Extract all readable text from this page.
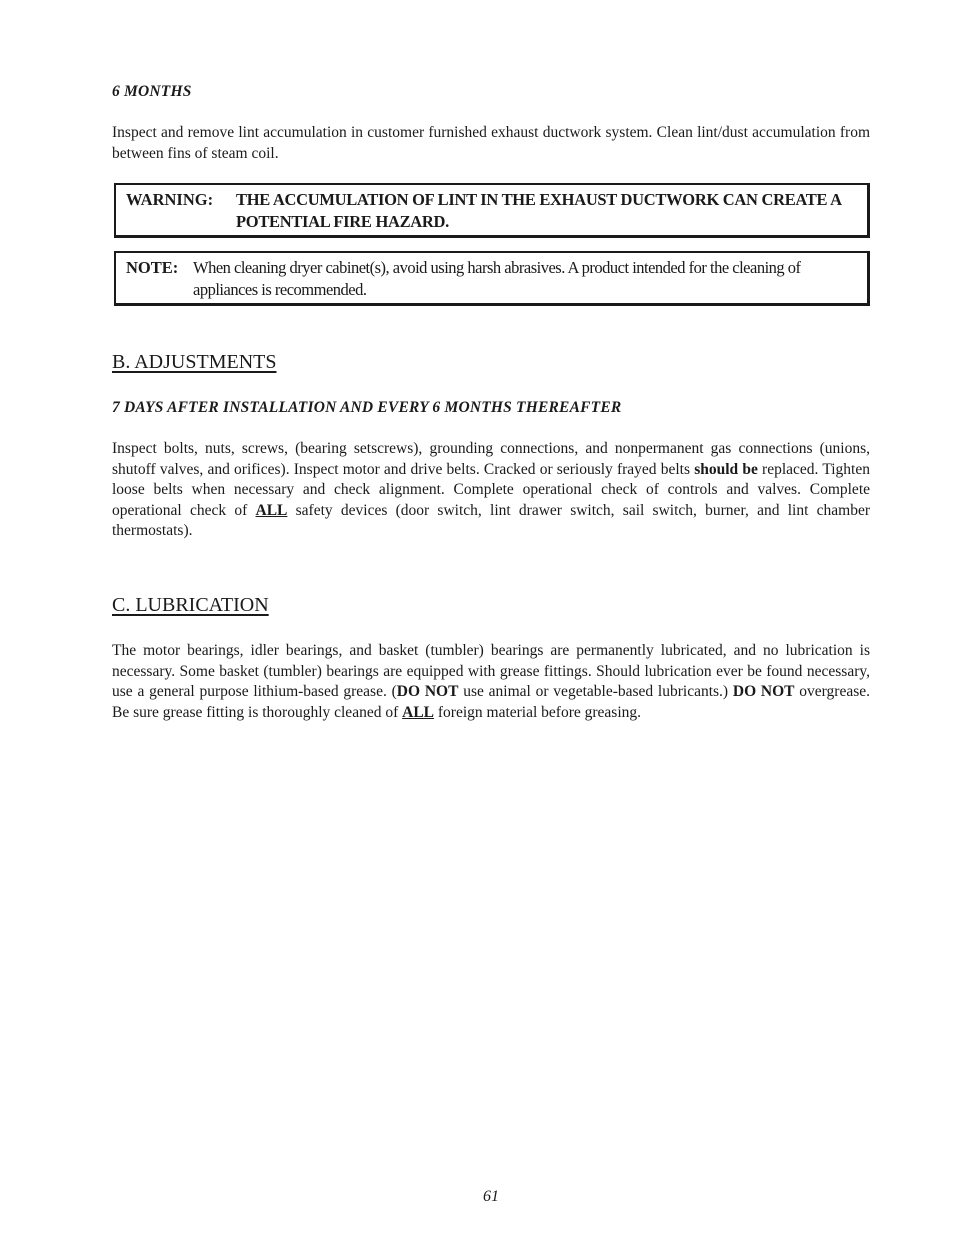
6 MONTHS

Inspect and remove lint accumulation in customer furnished exhaust ductwork system. Clean lint/dust accumulation from between fins of steam coil.

WARNING:	THE ACCUMULATION OF LINT IN THE EXHAUST DUCTWORK CAN CREATE A POTENTIAL FIRE HAZARD.
NOTE: When cleaning dryer cabinet(s), avoid using harsh abrasives. A product intended for the cleaning of appliances is recommended.
B. ADJUSTMENTS

7 DAYS AFTER INSTALLATION AND EVERY 6 MONTHS THEREAFTER

Inspect bolts, nuts, screws, (bearing setscrews), grounding connections, and nonpermanent gas connections (unions, shutoff valves, and orifices). Inspect motor and drive belts. Cracked or seriously frayed belts should be replaced. Tighten loose belts when necessary and check alignment. Complete operational check of controls and valves. Complete operational check of ALL safety devices (door switch, lint drawer switch, sail switch, burner, and lint chamber thermostats).

C. LUBRICATION

The motor bearings, idler bearings, and basket (tumbler) bearings are permanently lubricated, and no lubrication is necessary. Some basket (tumbler) bearings are equipped with grease fittings. Should lubrication ever be found necessary, use a general purpose lithium-based grease. (DO NOT use animal or vegetable-based lubricants.) DO NOT overgrease. Be sure grease fitting is thoroughly cleaned of ALL foreign material before greasing.

61
